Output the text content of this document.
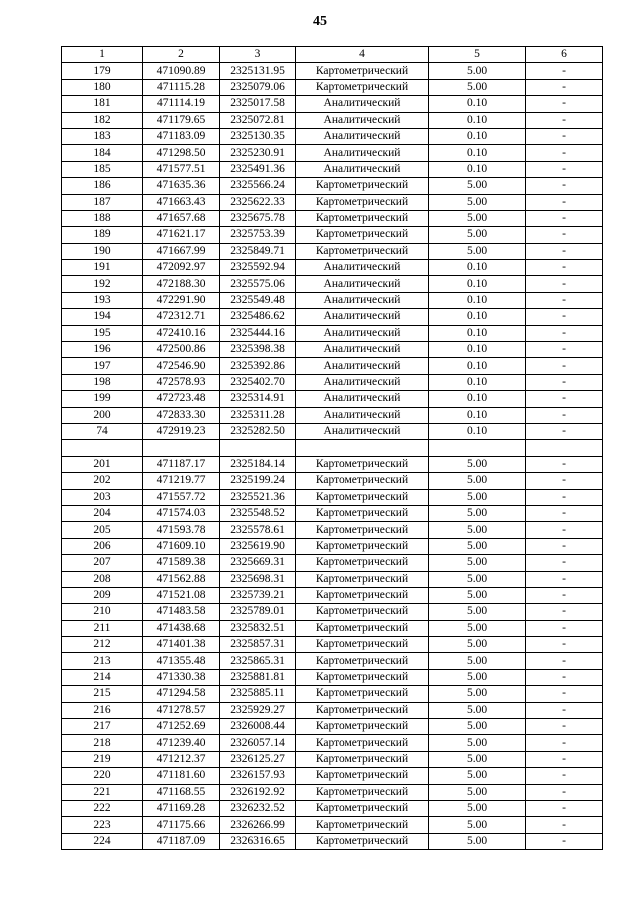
45
1	2	3	4	5	6
179	471090.89	2325131.95	Картометрический	5.00	-
180	471115.28	2325079.06	Картометрический	5.00	-
181	471114.19	2325017.58	Аналитический	0.10	-
182	471179.65	2325072.81	Аналитический	0.10	-
183	471183.09	2325130.35	Аналитический	0.10	-
184	471298.50	2325230.91	Аналитический	0.10	-
185	471577.51	2325491.36	Аналитический	0.10	-
186	471635.36	2325566.24	Картометрический	5.00	-
187	471663.43	2325622.33	Картометрический	5.00	-
188	471657.68	2325675.78	Картометрический	5.00	-
189	471621.17	2325753.39	Картометрический	5.00	-
190	471667.99	2325849.71	Картометрический	5.00	-
191	472092.97	2325592.94	Аналитический	0.10	-
192	472188.30	2325575.06	Аналитический	0.10	-
193	472291.90	2325549.48	Аналитический	0.10	-
194	472312.71	2325486.62	Аналитический	0.10	-
195	472410.16	2325444.16	Аналитический	0.10	-
196	472500.86	2325398.38	Аналитический	0.10	-
197	472546.90	2325392.86	Аналитический	0.10	-
198	472578.93	2325402.70	Аналитический	0.10	-
199	472723.48	2325314.91	Аналитический	0.10	-
200	472833.30	2325311.28	Аналитический	0.10	-
74	472919.23	2325282.50	Аналитический	0.10	-

201	471187.17	2325184.14	Картометрический	5.00	-
202	471219.77	2325199.24	Картометрический	5.00	-
203	471557.72	2325521.36	Картометрический	5.00	-
204	471574.03	2325548.52	Картометрический	5.00	-
205	471593.78	2325578.61	Картометрический	5.00	-
206	471609.10	2325619.90	Картометрический	5.00	-
207	471589.38	2325669.31	Картометрический	5.00	-
208	471562.88	2325698.31	Картометрический	5.00	-
209	471521.08	2325739.21	Картометрический	5.00	-
210	471483.58	2325789.01	Картометрический	5.00	-
211	471438.68	2325832.51	Картометрический	5.00	-
212	471401.38	2325857.31	Картометрический	5.00	-
213	471355.48	2325865.31	Картометрический	5.00	-
214	471330.38	2325881.81	Картометрический	5.00	-
215	471294.58	2325885.11	Картометрический	5.00	-
216	471278.57	2325929.27	Картометрический	5.00	-
217	471252.69	2326008.44	Картометрический	5.00	-
218	471239.40	2326057.14	Картометрический	5.00	-
219	471212.37	2326125.27	Картометрический	5.00	-
220	471181.60	2326157.93	Картометрический	5.00	-
221	471168.55	2326192.92	Картометрический	5.00	-
222	471169.28	2326232.52	Картометрический	5.00	-
223	471175.66	2326266.99	Картометрический	5.00	-
224	471187.09	2326316.65	Картометрический	5.00	-
